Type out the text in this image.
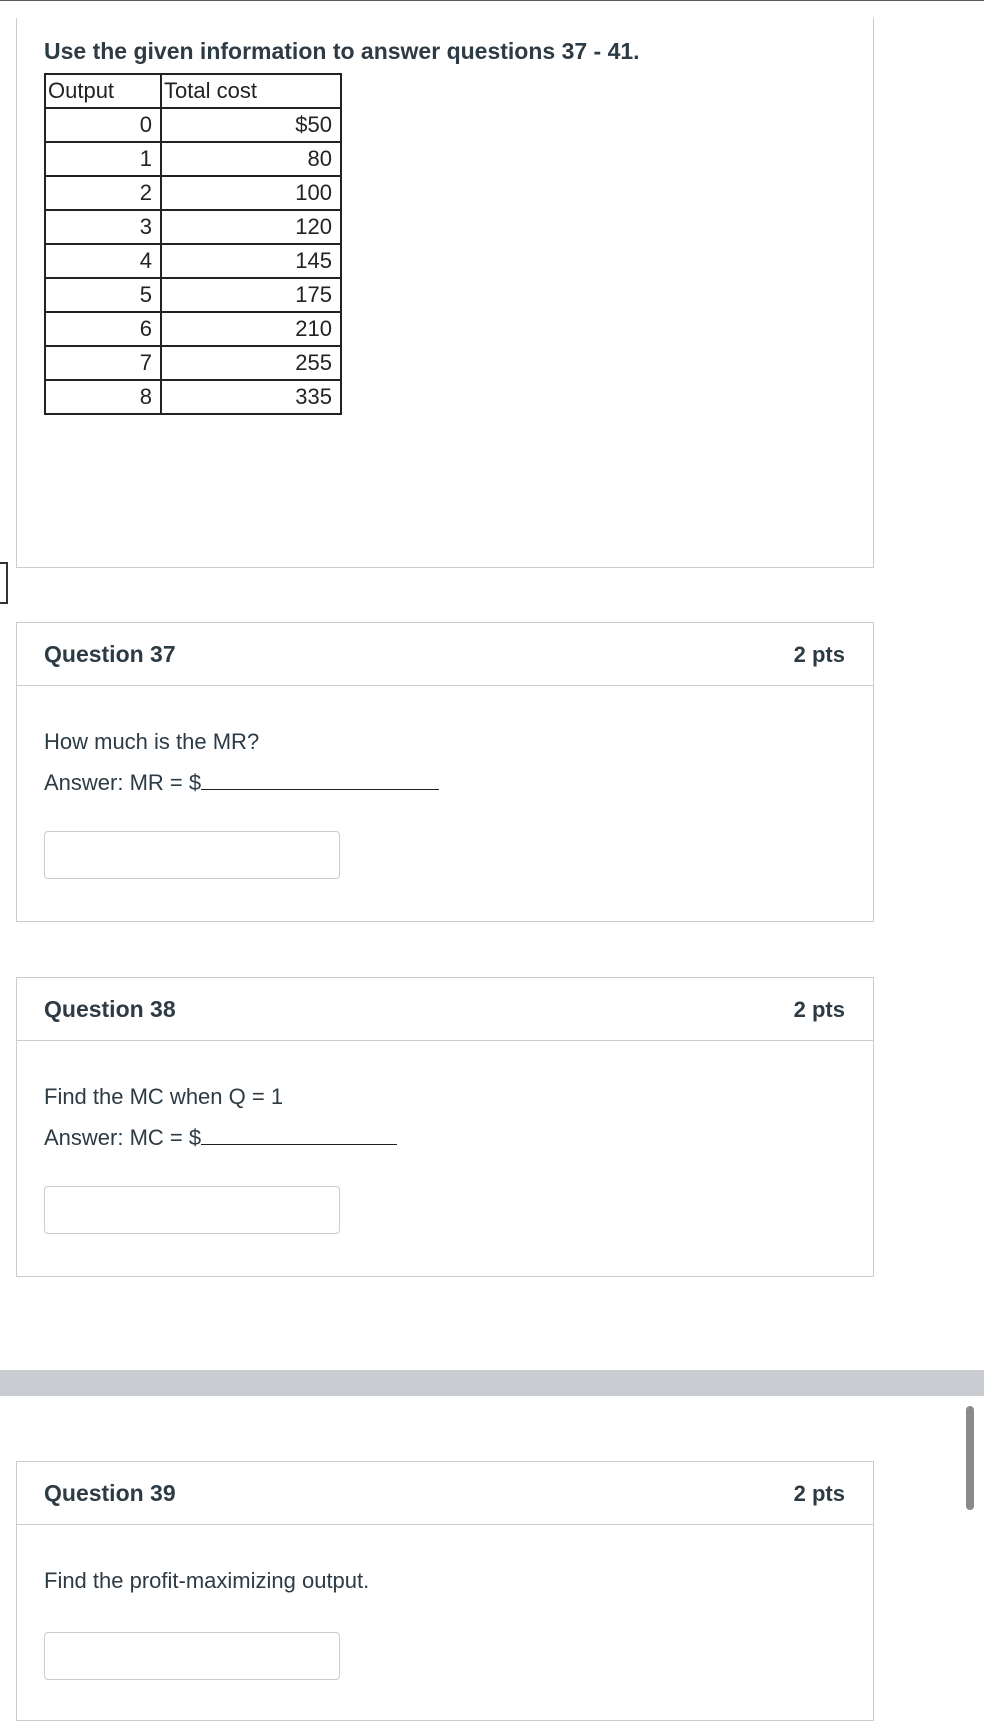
Use the given information to answer questions 37 - 41.
Output	Total cost
0	$50
1	80
2	100
3	120
4	145
5	175
6	210
7	255
8	335
Question 37	2 pts
How much is the MR?
Answer: MR = $
Question 38	2 pts
Find the MC when Q = 1
Answer: MC = $
Question 39	2 pts
Find the profit-maximizing output.
